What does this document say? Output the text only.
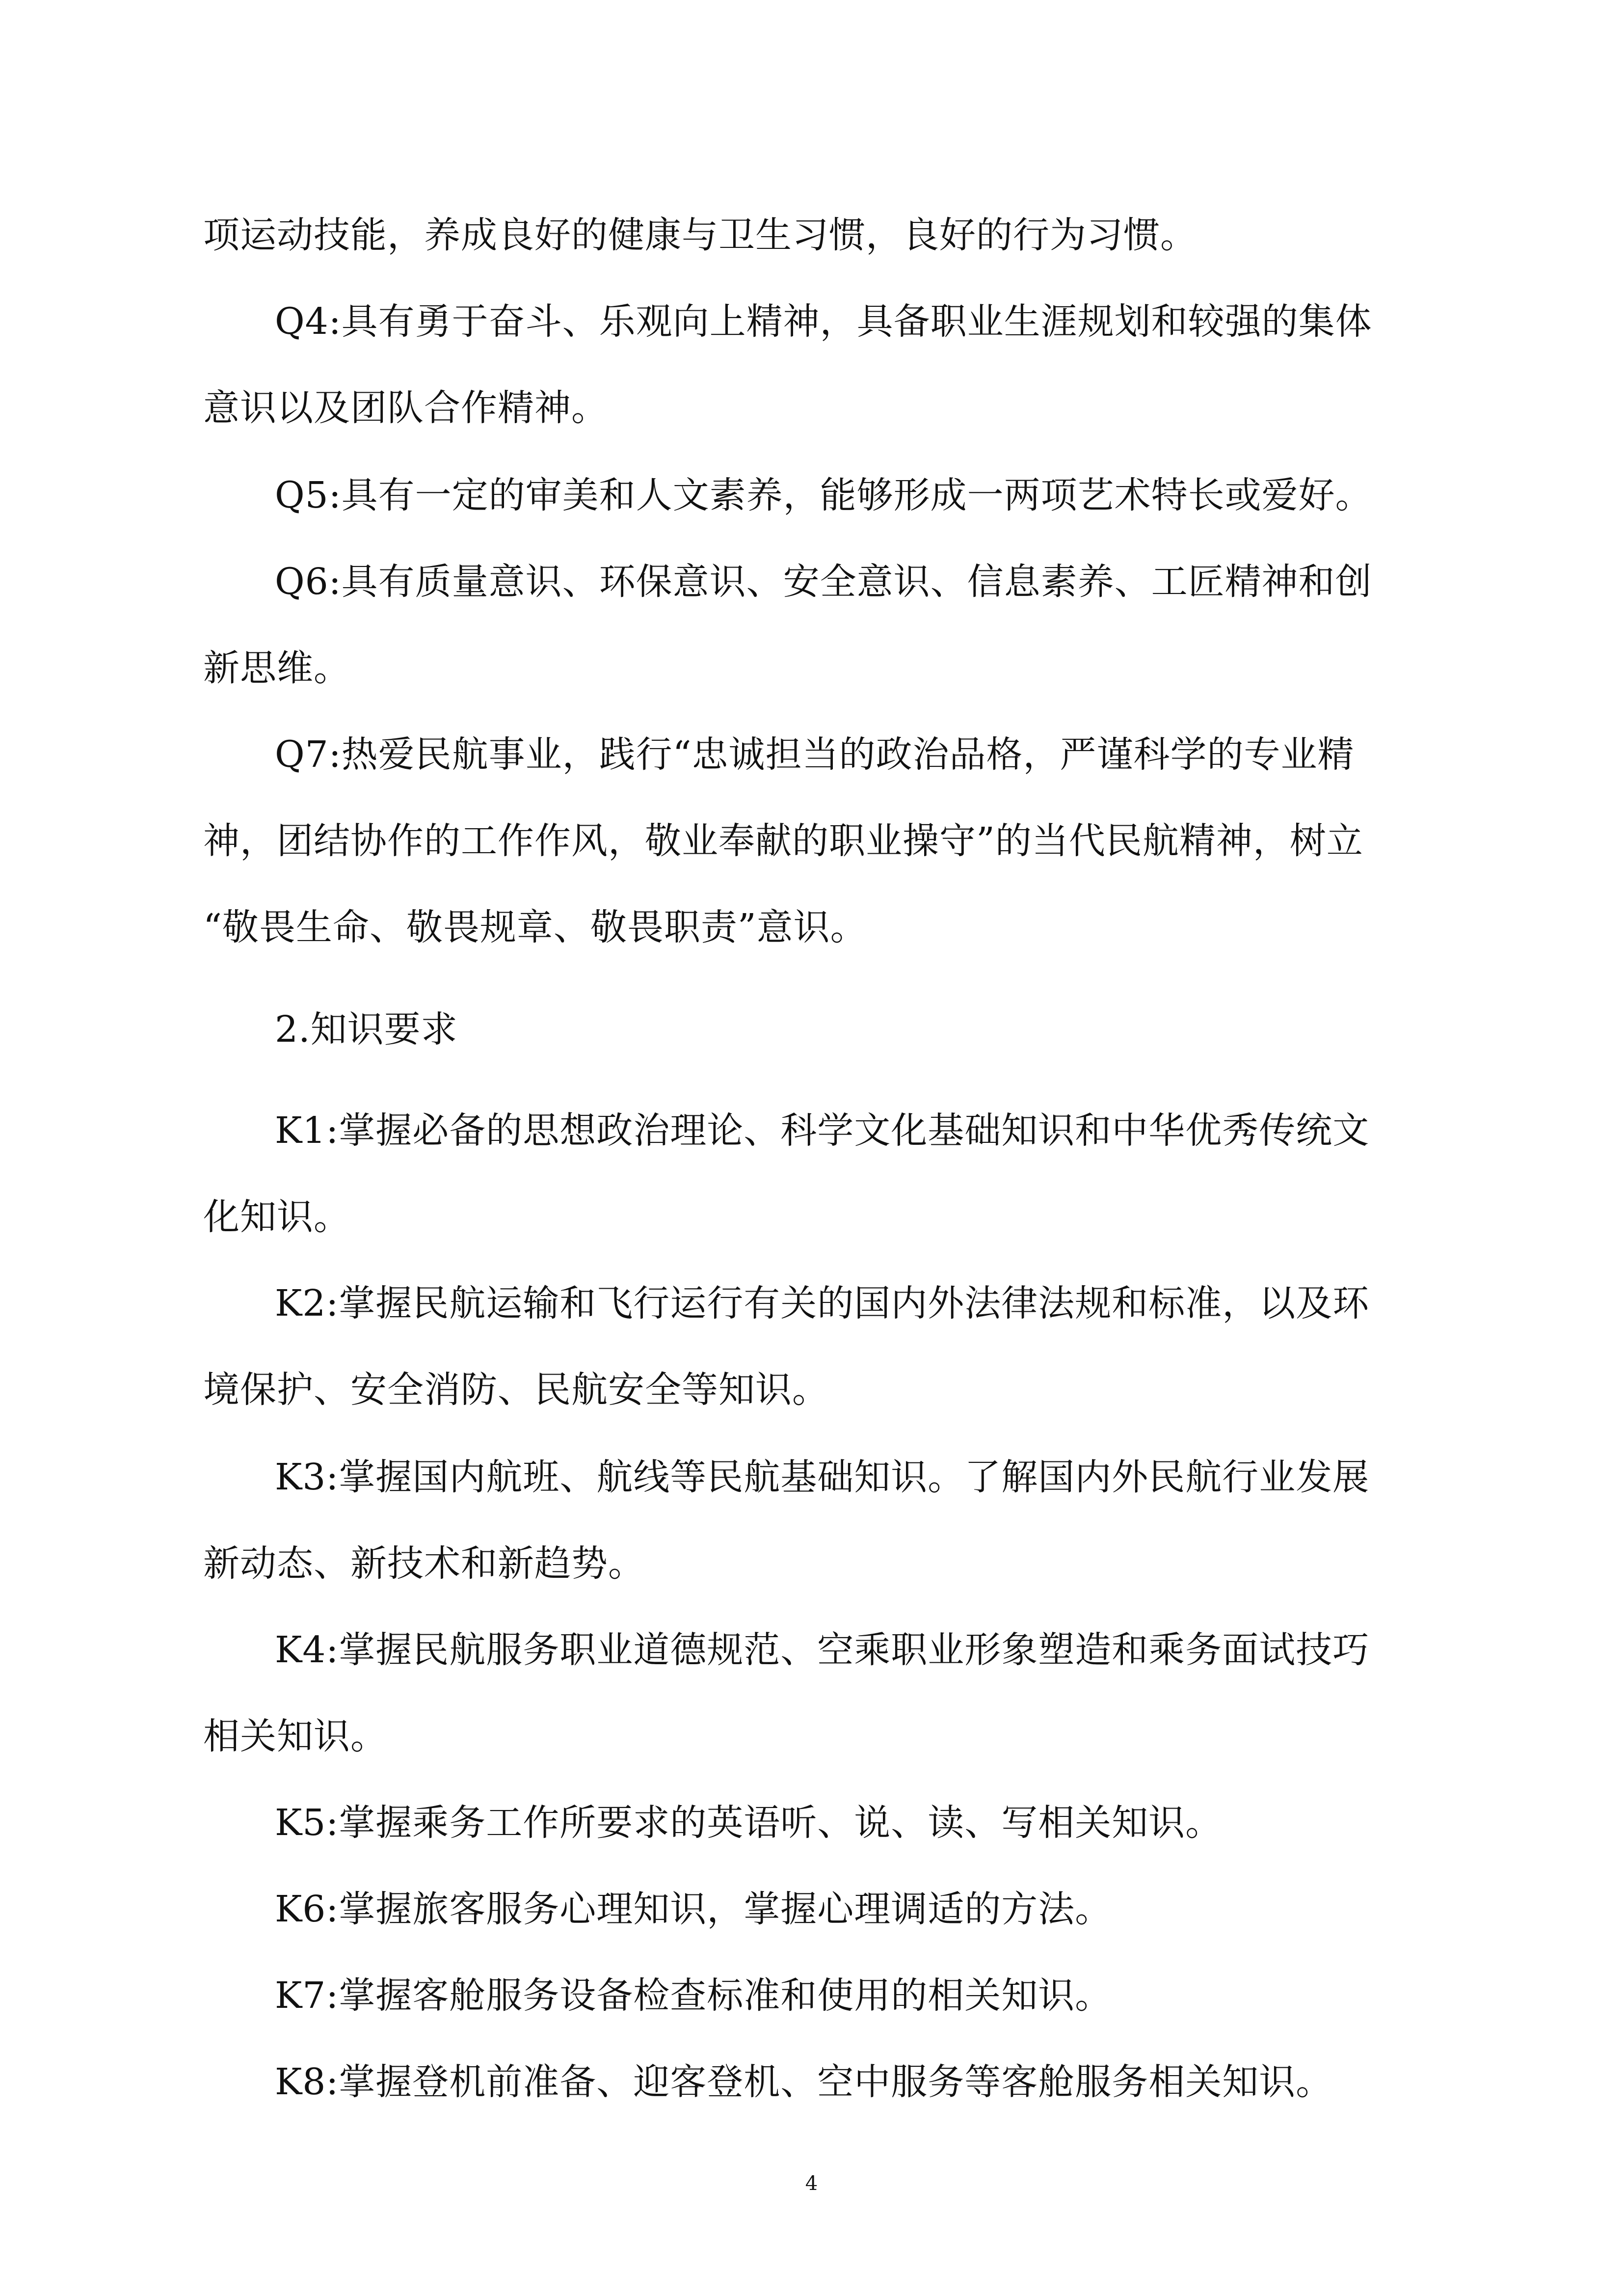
项运动技能，养成良好的健康与卫生习惯，良好的行为习惯。
Q4:具有勇于奋斗、乐观向上精神，具备职业生涯规划和较强的集体
意识以及团队合作精神。
Q5:具有一定的审美和人文素养，能够形成一两项艺术特长或爱好。
Q6:具有质量意识、环保意识、安全意识、信息素养、工匠精神和创
新思维。
Q7:热爱民航事业，践行“忠诚担当的政治品格，严谨科学的专业精
神，团结协作的工作作风，敬业奉献的职业操守”的当代民航精神，树立
“敬畏生命、敬畏规章、敬畏职责”意识。
2.知识要求
K1:掌握必备的思想政治理论、科学文化基础知识和中华优秀传统文
化知识。
K2:掌握民航运输和飞行运行有关的国内外法律法规和标准，以及环
境保护、安全消防、民航安全等知识。
K3:掌握国内航班、航线等民航基础知识。了解国内外民航行业发展
新动态、新技术和新趋势。
K4:掌握民航服务职业道德规范、空乘职业形象塑造和乘务面试技巧
相关知识。
K5:掌握乘务工作所要求的英语听、说、读、写相关知识。
K6:掌握旅客服务心理知识，掌握心理调适的方法。
K7:掌握客舱服务设备检查标准和使用的相关知识。
K8:掌握登机前准备、迎客登机、空中服务等客舱服务相关知识。
4
